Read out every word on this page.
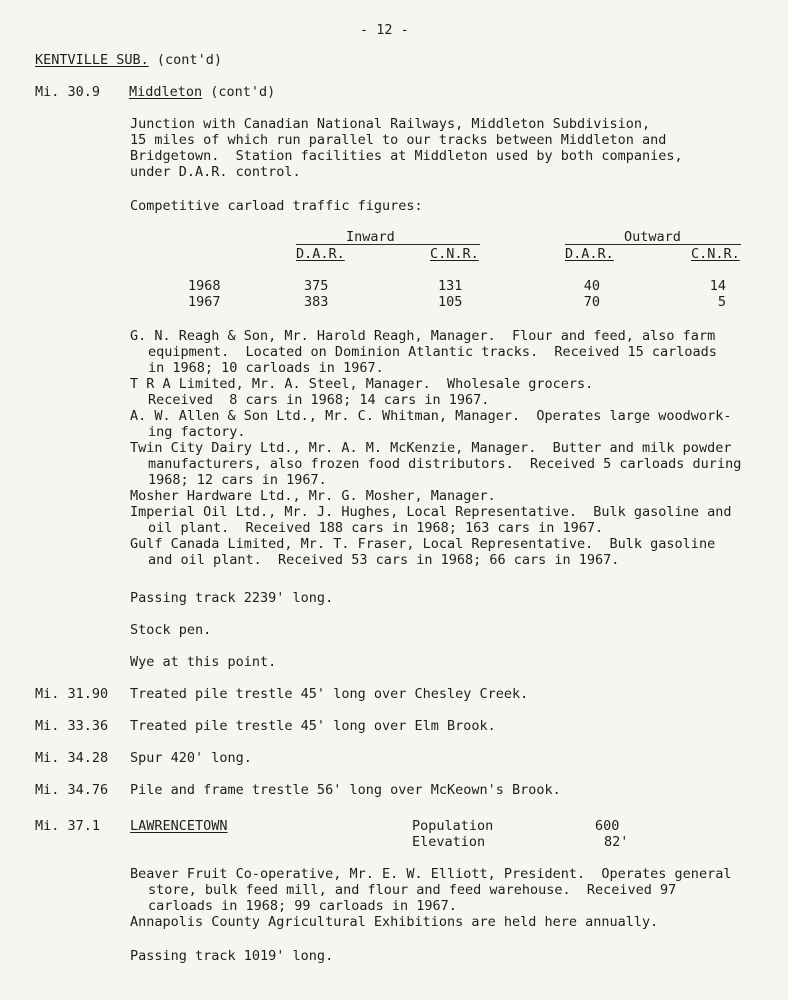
- 12 -
KENTVILLE SUB. (cont'd)
Mi. 30.9 Middleton (cont'd)
Junction with Canadian National Railways, Middleton Subdivision,
15 miles of which run parallel to our tracks between Middleton and
Bridgetown.  Station facilities at Middleton used by both companies,
under D.A.R. control.
Competitive carload traffic figures:
Inward	Outward
D.A.R.	C.N.R.	D.A.R.	C.N.R.
1968	375	131	40	14
1967	383	105	70	5
G. N. Reagh & Son, Mr. Harold Reagh, Manager.  Flour and feed, also farm
equipment.  Located on Dominion Atlantic tracks.  Received 15 carloads
in 1968; 10 carloads in 1967.
T R A Limited, Mr. A. Steel, Manager.  Wholesale grocers.
Received  8 cars in 1968; 14 cars in 1967.
A. W. Allen & Son Ltd., Mr. C. Whitman, Manager.  Operates large woodwork-
ing factory.
Twin City Dairy Ltd., Mr. A. M. McKenzie, Manager.  Butter and milk powder
manufacturers, also frozen food distributors.  Received 5 carloads during
1968; 12 cars in 1967.
Mosher Hardware Ltd., Mr. G. Mosher, Manager.
Imperial Oil Ltd., Mr. J. Hughes, Local Representative.  Bulk gasoline and
oil plant.  Received 188 cars in 1968; 163 cars in 1967.
Gulf Canada Limited, Mr. T. Fraser, Local Representative.  Bulk gasoline
and oil plant.  Received 53 cars in 1968; 66 cars in 1967.
Passing track 2239' long.
Stock pen.
Wye at this point.
Mi. 31.90 Treated pile trestle 45' long over Chesley Creek.
Mi. 33.36 Treated pile trestle 45' long over Elm Brook.
Mi. 34.28 Spur 420' long.
Mi. 34.76 Pile and frame trestle 56' long over McKeown's Brook.
Mi. 37.1 LAWRENCETOWN	Population	600
Elevation	82'
Beaver Fruit Co-operative, Mr. E. W. Elliott, President.  Operates general
store, bulk feed mill, and flour and feed warehouse.  Received 97
carloads in 1968; 99 carloads in 1967.
Annapolis County Agricultural Exhibitions are held here annually.
Passing track 1019' long.
